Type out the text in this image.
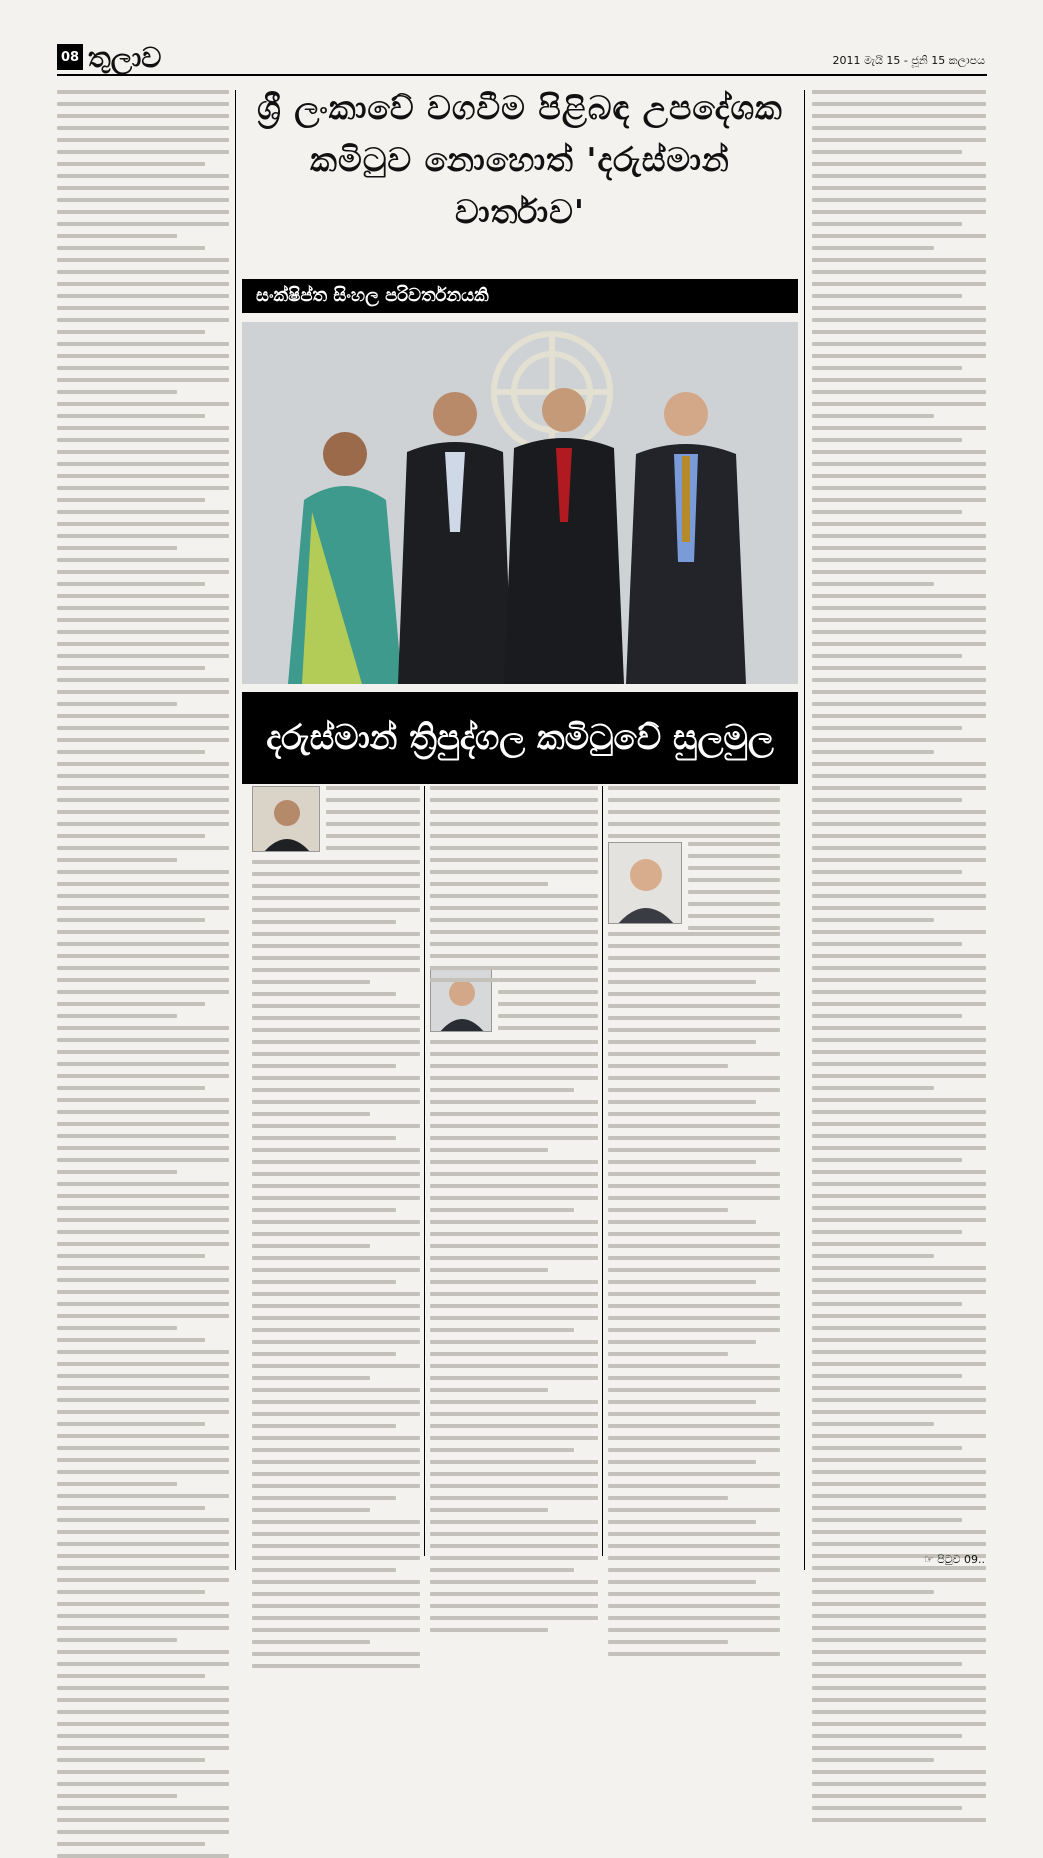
08 තුලාව	2011 මැයි 15 - ජූනි 15 කලාපය
ශ්‍රී ලංකාවේ වගවීම පිළිබඳ උපදේශක
කමිටුව නොහොත් 'දරුස්මාන් වාර්තාව'
සංක්ෂිප්ත සිංහල පරිවර්තනයකි
දරුස්මාන් ත්‍රිපුද්ගල කමිටුවේ සුලමුල
☞ පිටුව 09..
